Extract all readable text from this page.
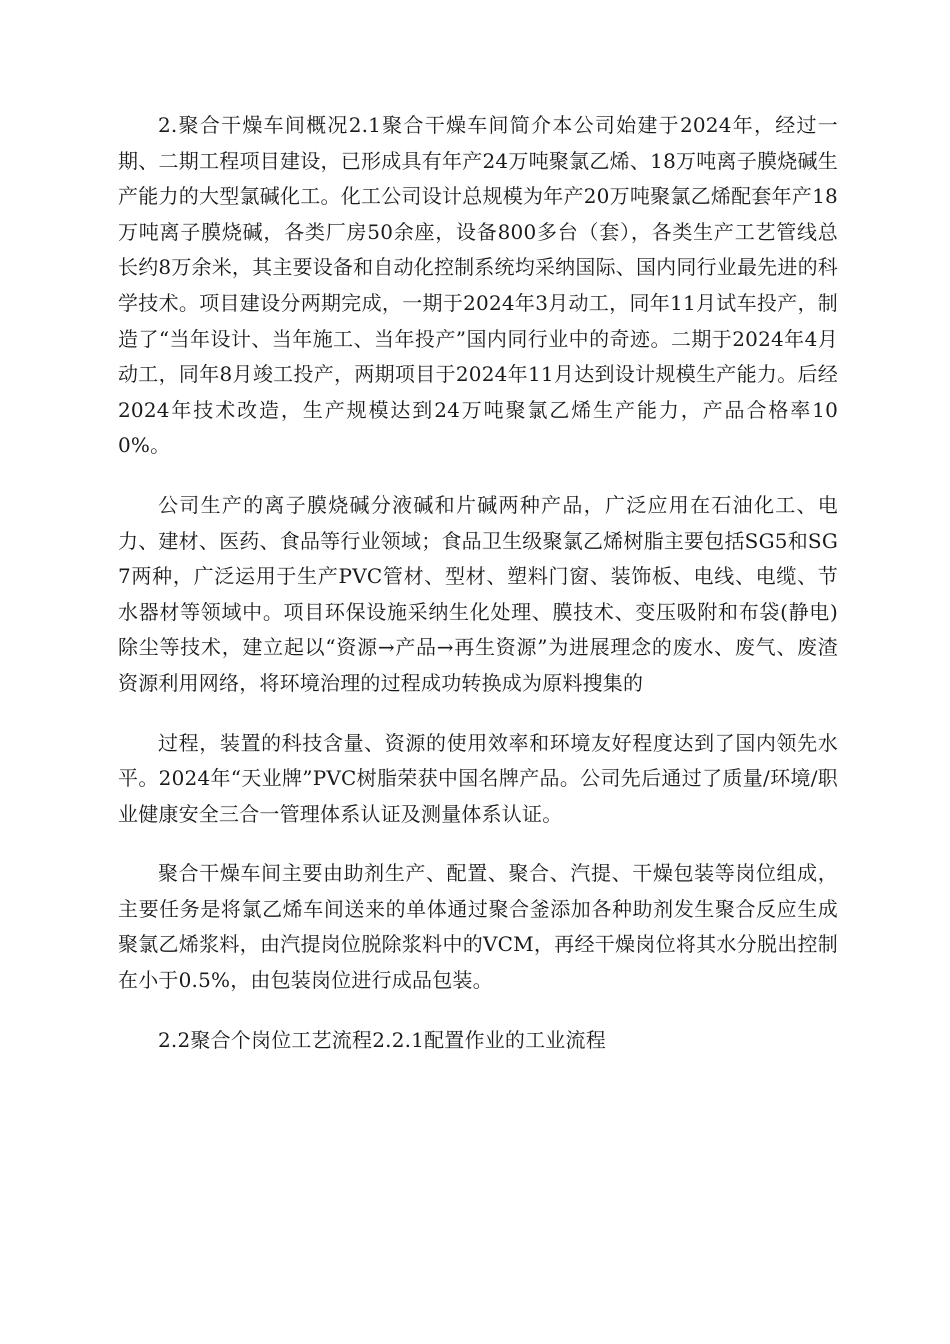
2.聚合干燥车间概况2.1聚合干燥车间简介本公司始建于2024年，经过一期、二期工程项目建设，已形成具有年产24万吨聚氯乙烯、18万吨离子膜烧碱生产能力的大型氯碱化工。化工公司设计总规模为年产20万吨聚氯乙烯配套年产18万吨离子膜烧碱，各类厂房50余座，设备800多台（套），各类生产工艺管线总长约8万余米，其主要设备和自动化控制系统均采纳国际、国内同行业最先进的科学技术。项目建设分两期完成，一期于2024年3月动工，同年11月试车投产，制造了“当年设计、当年施工、当年投产”国内同行业中的奇迹。二期于2024年4月动工，同年8月竣工投产，两期项目于2024年11月达到设计规模生产能力。后经2024年技术改造，生产规模达到24万吨聚氯乙烯生产能力，产品合格率100%。

公司生产的离子膜烧碱分液碱和片碱两种产品，广泛应用在石油化工、电力、建材、医药、食品等行业领域；食品卫生级聚氯乙烯树脂主要包括SG5和SG7两种，广泛运用于生产PVC管材、型材、塑料门窗、装饰板、电线、电缆、节水器材等领域中。项目环保设施采纳生化处理、膜技术、变压吸附和布袋(静电)除尘等技术，建立起以“资源→产品→再生资源”为进展理念的废水、废气、废渣资源利用网络，将环境治理的过程成功转换成为原料搜集的

过程，装置的科技含量、资源的使用效率和环境友好程度达到了国内领先水平。2024年“天业牌”PVC树脂荣获中国名牌产品。公司先后通过了质量/环境/职业健康安全三合一管理体系认证及测量体系认证。

聚合干燥车间主要由助剂生产、配置、聚合、汽提、干燥包装等岗位组成，主要任务是将氯乙烯车间送来的单体通过聚合釜添加各种助剂发生聚合反应生成聚氯乙烯浆料，由汽提岗位脱除浆料中的VCM，再经干燥岗位将其水分脱出控制在小于0.5%，由包装岗位进行成品包装。

2.2聚合个岗位工艺流程2.2.1配置作业的工业流程
